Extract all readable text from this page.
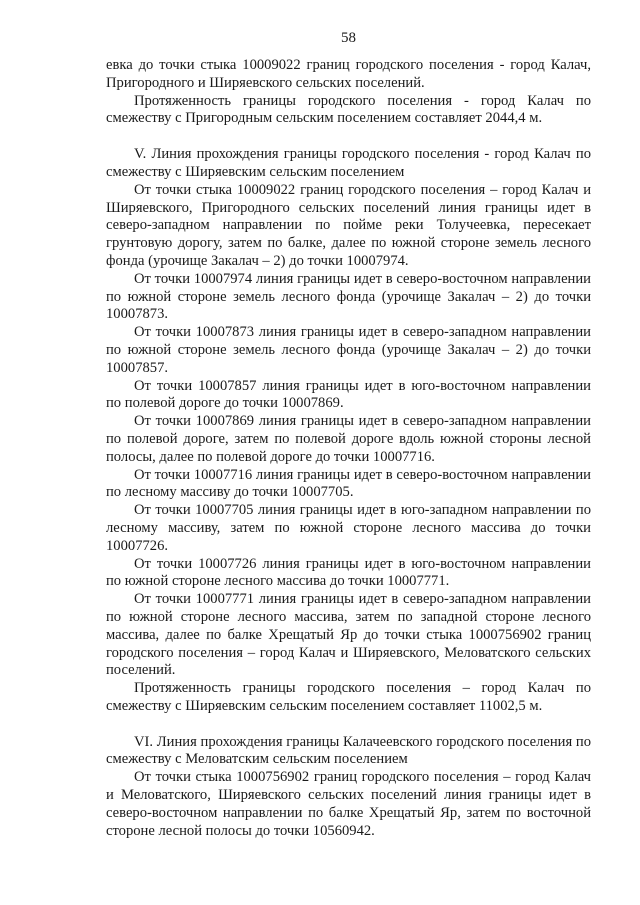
58

евка до точки стыка 10009022 границ городского поселения - город Калач, Пригородного и Ширяевского сельских поселений.

Протяженность границы городского поселения - город Калач по смежеству с Пригородным сельским поселением составляет 2044,4 м.

V. Линия прохождения границы городского поселения - город Калач по смежеству с Ширяевским сельским поселением

От точки стыка 10009022 границ городского поселения – город Калач и Ширяевского, Пригородного сельских поселений линия границы идет в северо-западном направлении по пойме реки Толучеевка, пересекает грунтовую дорогу, затем по балке, далее по южной стороне земель лесного фонда (урочище Закалач – 2) до точки 10007974.

От точки 10007974 линия границы идет в северо-восточном направлении по южной стороне земель лесного фонда (урочище Закалач – 2) до точки 10007873.

От точки 10007873 линия границы идет в северо-западном направлении по южной стороне земель лесного фонда (урочище Закалач – 2) до точки 10007857.

От точки 10007857 линия границы идет в юго-восточном направлении по полевой дороге до точки 10007869.

От точки 10007869 линия границы идет в северо-западном направлении по полевой дороге, затем по полевой дороге вдоль южной стороны лесной полосы, далее по полевой дороге до точки 10007716.

От точки 10007716 линия границы идет в северо-восточном направлении по лесному массиву до точки 10007705.

От точки 10007705 линия границы идет в юго-западном направлении по лесному массиву, затем по южной стороне лесного массива до точки 10007726.

От точки 10007726 линия границы идет в юго-восточном направлении по южной стороне лесного массива до точки 10007771.

От точки 10007771 линия границы идет в северо-западном направлении по южной стороне лесного массива, затем по западной стороне лесного массива, далее по балке Хрещатый Яр до точки стыка 1000756902 границ городского поселения – город Калач и Ширяевского, Меловатского сельских поселений.

Протяженность границы городского поселения – город Калач по смежеству с Ширяевским сельским поселением составляет 11002,5 м.

VI. Линия прохождения границы Калачеевского городского поселения по смежеству с Меловатским сельским поселением

От точки стыка 1000756902 границ городского поселения – город Калач и Меловатского, Ширяевского сельских поселений линия границы идет в северо-восточном направлении по балке Хрещатый Яр, затем по восточной стороне лесной полосы до точки 10560942.
